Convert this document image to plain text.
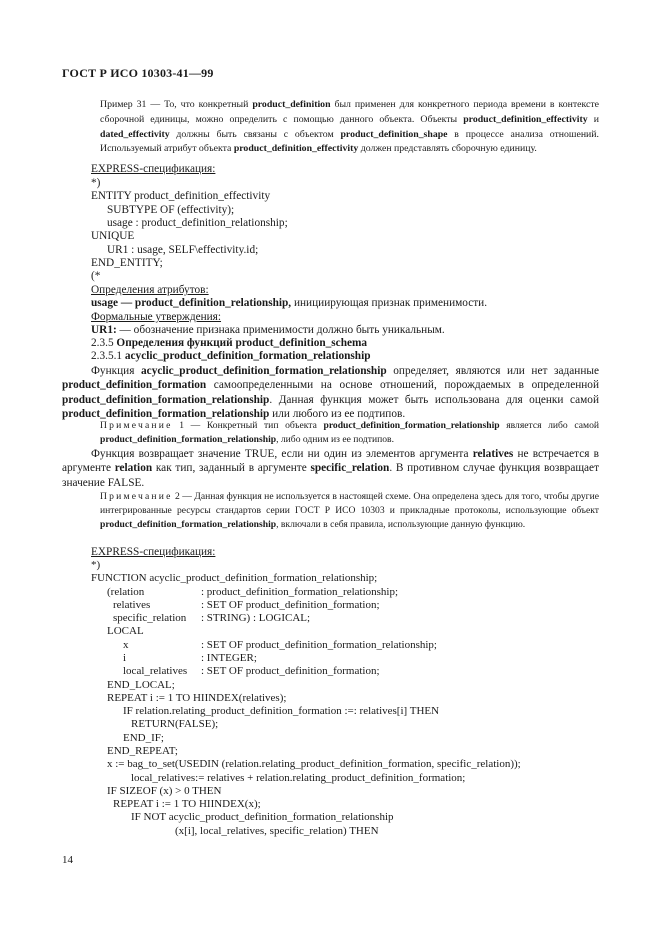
ГОСТ Р ИСО 10303-41—99

Пример 31 — То, что конкретный product_definition был применен для конкретного периода времени в контексте сборочной единицы, можно определить с помощью данного объекта. Объекты product_definition_effectivity и dated_effectivity должны быть связаны с объектом product_definition_shape в процессе анализа отношений. Используемый атрибут объекта product_definition_effectivity должен представлять сборочную единицу.

EXPRESS-спецификация:
*)
ENTITY product_definition_effectivity
SUBTYPE OF (effectivity);
usage : product_definition_relationship;
UNIQUE
UR1 : usage, SELF\effectivity.id;
END_ENTITY;
(*
Определения атрибутов:
usage — product_definition_relationship, инициирующая признак применимости.
Формальные утверждения:
UR1: — обозначение признака применимости должно быть уникальным.
2.3.5 Определения функций product_definition_schema
2.3.5.1 acyclic_product_definition_formation_relationship

Функция acyclic_product_definition_formation_relationship определяет, являются или нет заданные product_definition_formation самоопределенными на основе отношений, порождаемых в определенной product_definition_formation_relationship. Данная функция может быть использована для оценки самой product_definition_formation_relationship или любого из ее подтипов.

Примечание 1 — Конкретный тип объекта product_definition_formation_relationship является либо самой product_definition_formation_relationship, либо одним из ее подтипов.

Функция возвращает значение TRUE, если ни один из элементов аргумента relatives не встречается в аргументе relation как тип, заданный в аргументе specific_relation. В противном случае функция возвращает значение FALSE.

Примечание 2 — Данная функция не используется в настоящей схеме. Она определена здесь для того, чтобы другие интегрированные ресурсы стандартов серии ГОСТ Р ИСО 10303 и прикладные протоколы, использующие объект product_definition_formation_relationship, включали в себя правила, использующие данную функцию.

EXPRESS-спецификация:
*)
FUNCTION acyclic_product_definition_formation_relationship;
(relation	: product_definition_formation_relationship;
relatives	: SET OF product_definition_formation;
specific_relation : STRING) : LOGICAL;
LOCAL
x	: SET OF product_definition_formation_relationship;
i	: INTEGER;
local_relatives : SET OF product_definition_formation;
END_LOCAL;
REPEAT i := 1 TO HIINDEX(relatives);
IF relation.relating_product_definition_formation :=: relatives[i] THEN
RETURN(FALSE);
END_IF;
END_REPEAT;
x := bag_to_set(USEDIN (relation.relating_product_definition_formation, specific_relation));
local_relatives:= relatives + relation.relating_product_definition_formation;
IF SIZEOF (x) > 0 THEN
REPEAT i := 1 TO HIINDEX(x);
IF NOT acyclic_product_definition_formation_relationship
(x[i], local_relatives, specific_relation) THEN
14
